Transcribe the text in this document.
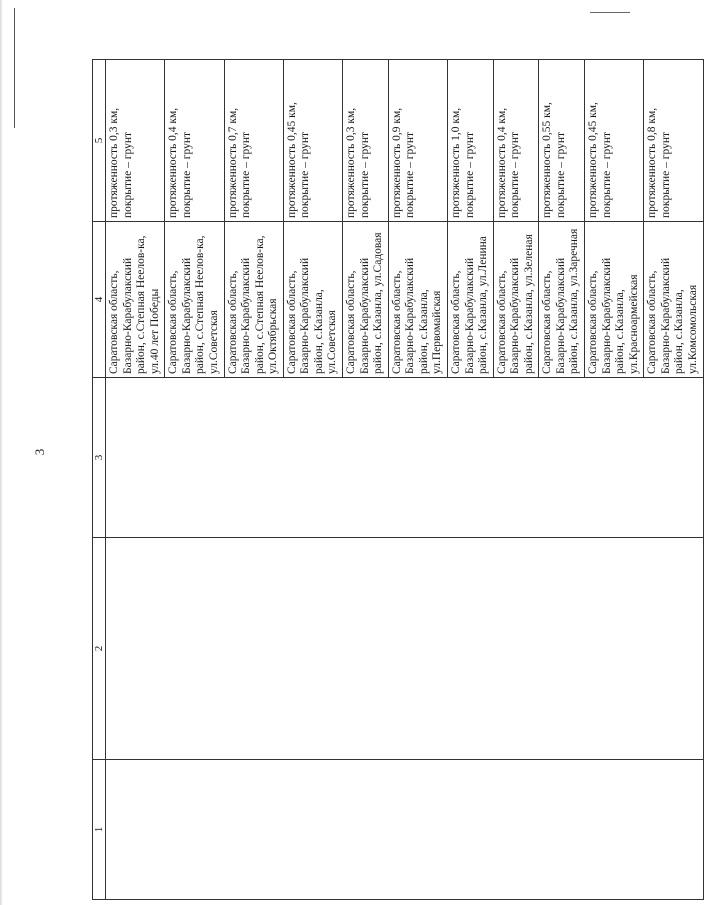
3
1	2	3	4	5
			Саратовская область, Базарно-Карабулакский район, с.Степная Неелов-ка, ул.40 лет Победы	протяженность 0,3 км, покрытие – грунт
			Саратовская область, Базарно-Карабулакский район, с.Степная Неелов-ка, ул.Советская	протяженность 0,4 км, покрытие – грунт
			Саратовская область, Базарно-Карабулакский район, с.Степная Неелов-ка, ул.Октябрьская	протяженность 0,7 км, покрытие – грунт
			Саратовская область, Базарно-Карабулакский район, с.Казанла, ул.Советская	протяженность 0,45 км, покрытие – грунт
			Саратовская область, Базарно-Карабулакский район, с.Казанла, ул.Садовая	протяженность 0,3 км, покрытие – грунт
			Саратовская область, Базарно-Карабулакский район, с.Казанла, ул.Первомайская	протяженность 0,9 км, покрытие – грунт
			Саратовская область, Базарно-Карабулакский район, с.Казанла, ул.Ленина	протяженность 1,0 км, покрытие – грунт
			Саратовская область, Базарно-Карабулакский район, с.Казанла, ул.Зеленая	протяженность 0,4 км, покрытие – грунт
			Саратовская область, Базарно-Карабулакский район, с.Казанла, ул.Заречная	протяженность 0,55 км, покрытие – грунт
			Саратовская область, Базарно-Карабулакский район, с.Казанла, ул.Красноармейская	протяженность 0,45 км, покрытие – грунт
			Саратовская область, Базарно-Карабулакский район, с.Казанла, ул.Комсомольская	протяженность 0,8 км, покрытие – грунт
